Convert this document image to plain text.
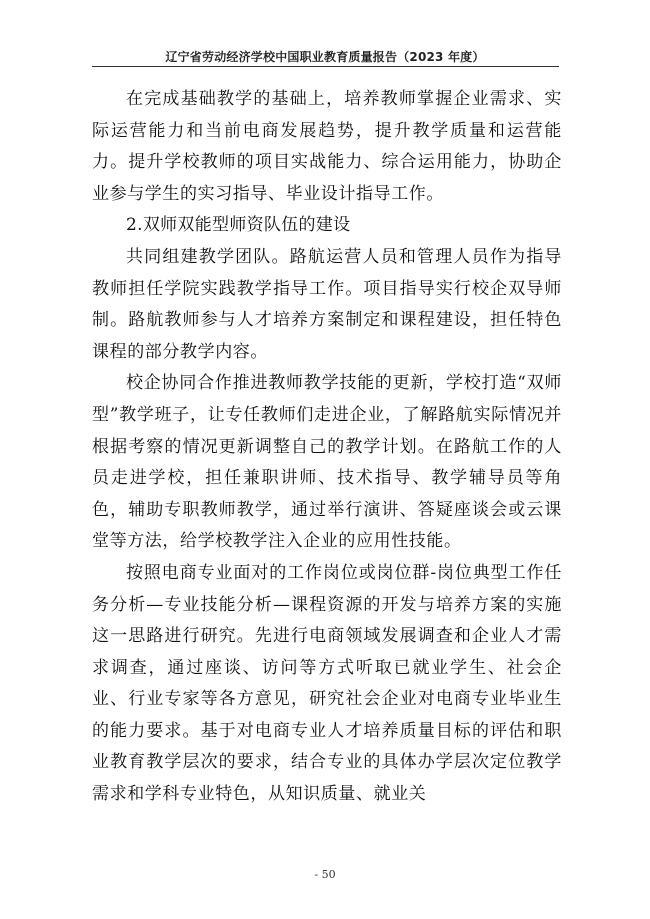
辽宁省劳动经济学校中国职业教育质量报告（2023 年度）

在完成基础教学的基础上，培养教师掌握企业需求、实际运营能力和当前电商发展趋势，提升教学质量和运营能力。提升学校教师的项目实战能力、综合运用能力，协助企业参与学生的实习指导、毕业设计指导工作。

2.双师双能型师资队伍的建设

共同组建教学团队。路航运营人员和管理人员作为指导教师担任学院实践教学指导工作。项目指导实行校企双导师制。路航教师参与人才培养方案制定和课程建设，担任特色课程的部分教学内容。

校企协同合作推进教师教学技能的更新，学校打造“双师型”教学班子，让专任教师们走进企业，了解路航实际情况并根据考察的情况更新调整自己的教学计划。在路航工作的人员走进学校，担任兼职讲师、技术指导、教学辅导员等角色，辅助专职教师教学，通过举行演讲、答疑座谈会或云课堂等方法，给学校教学注入企业的应用性技能。

按照电商专业面对的工作岗位或岗位群-岗位典型工作任务分析—专业技能分析—课程资源的开发与培养方案的实施这一思路进行研究。先进行电商领域发展调查和企业人才需求调查，通过座谈、访问等方式听取已就业学生、社会企业、行业专家等各方意见，研究社会企业对电商专业毕业生的能力要求。基于对电商专业人才培养质量目标的评估和职业教育教学层次的要求，结合专业的具体办学层次定位教学需求和学科专业特色，从知识质量、就业关

- 50
